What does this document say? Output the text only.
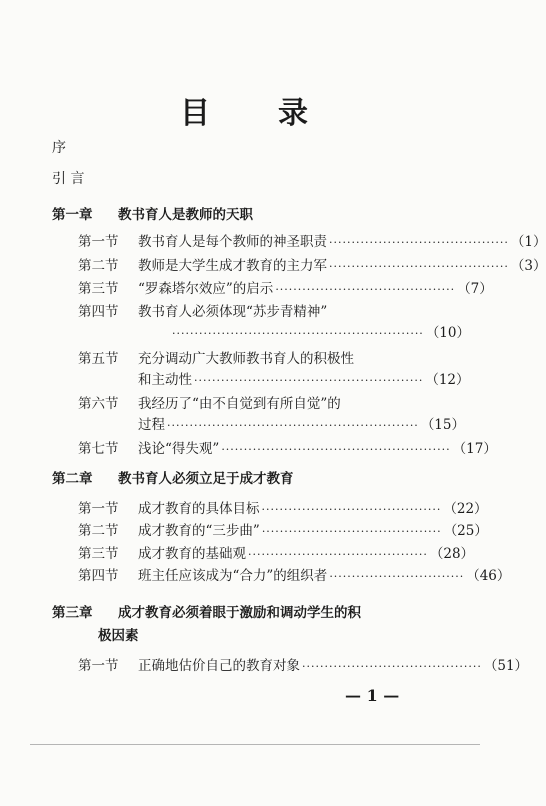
目 录
序
引 言
第一章 教书育人是教师的天职
第一节 教书育人是每个教师的神圣职责 ········································ （1）
第二节 教师是大学生成才教育的主力军 ········································ （3）
第三节 “罗森塔尔效应”的启示 ········································ （7）
第四节 教书育人必须体现“苏步青精神”
························································ （10）
第五节 充分调动广大教师教书育人的积极性
和主动性 ··················································· （12）
第六节 我经历了“由不自觉到有所自觉”的
过程 ························································ （15）
第七节 浅论“得失观” ··················································· （17）
第二章 教书育人必须立足于成才教育
第一节 成才教育的具体目标 ········································ （22）
第二节 成才教育的“三步曲” ········································ （25）
第三节 成才教育的基础观 ········································ （28）
第四节 班主任应该成为“合力”的组织者 ······························ （46）
第三章 成才教育必须着眼于激励和调动学生的积
极因素
第一节 正确地估价自己的教育对象 ········································ （51）
— 1 —
